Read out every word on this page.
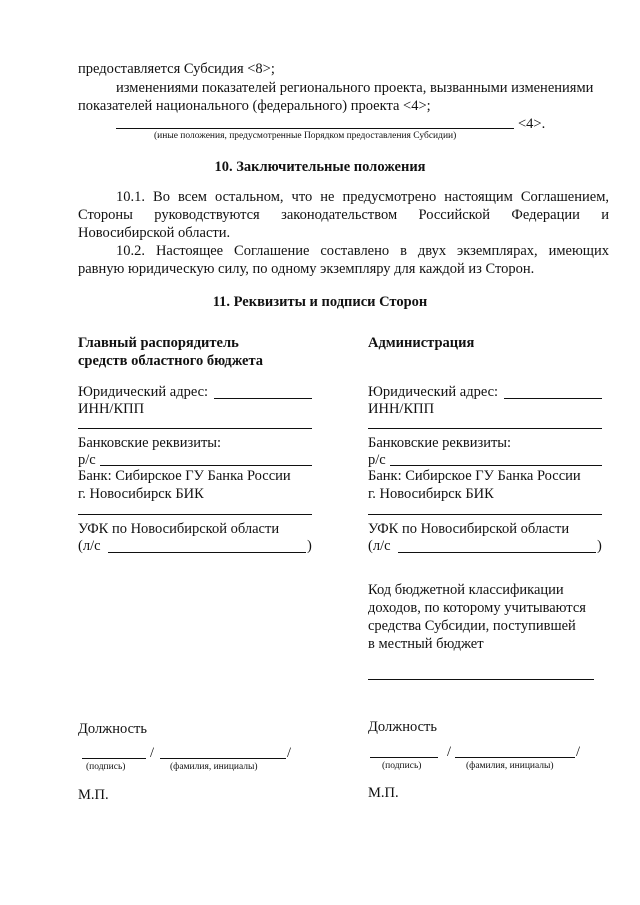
предоставляется Субсидия <8>;
изменениями показателей регионального проекта, вызванными изменениями
показателей национального (федерального) проекта <4>;
<4>.
(иные положения, предусмотренные Порядком предоставления Субсидии)
10. Заключительные положения
10.1. Во всем остальном, что не предусмотрено настоящим Соглашением,
Стороны руководствуются законодательством Российской Федерации и
Новосибирской области.
10.2. Настоящее Соглашение составлено в двух экземплярах, имеющих
равную юридическую силу, по одному экземпляру для каждой из Сторон.
11. Реквизиты и подписи Сторон
Главный распорядитель
средств областного бюджета
Юридический адрес:
ИНН/КПП
Банковские реквизиты:
р/с
Банк: Сибирское ГУ Банка России
г. Новосибирск БИК
УФК по Новосибирской области
(л/с	)
Должность
/	/
(подпись)	(фамилия, инициалы)
М.П.
Администрация
Юридический адрес:
ИНН/КПП
Банковские реквизиты:
р/с
Банк: Сибирское ГУ Банка России
г. Новосибирск БИК
УФК по Новосибирской области
(л/с	)
Код бюджетной классификации
доходов, по которому учитываются
средства Субсидии, поступившей
в местный бюджет
Должность
/	/
(подпись)	(фамилия, инициалы)
М.П.
